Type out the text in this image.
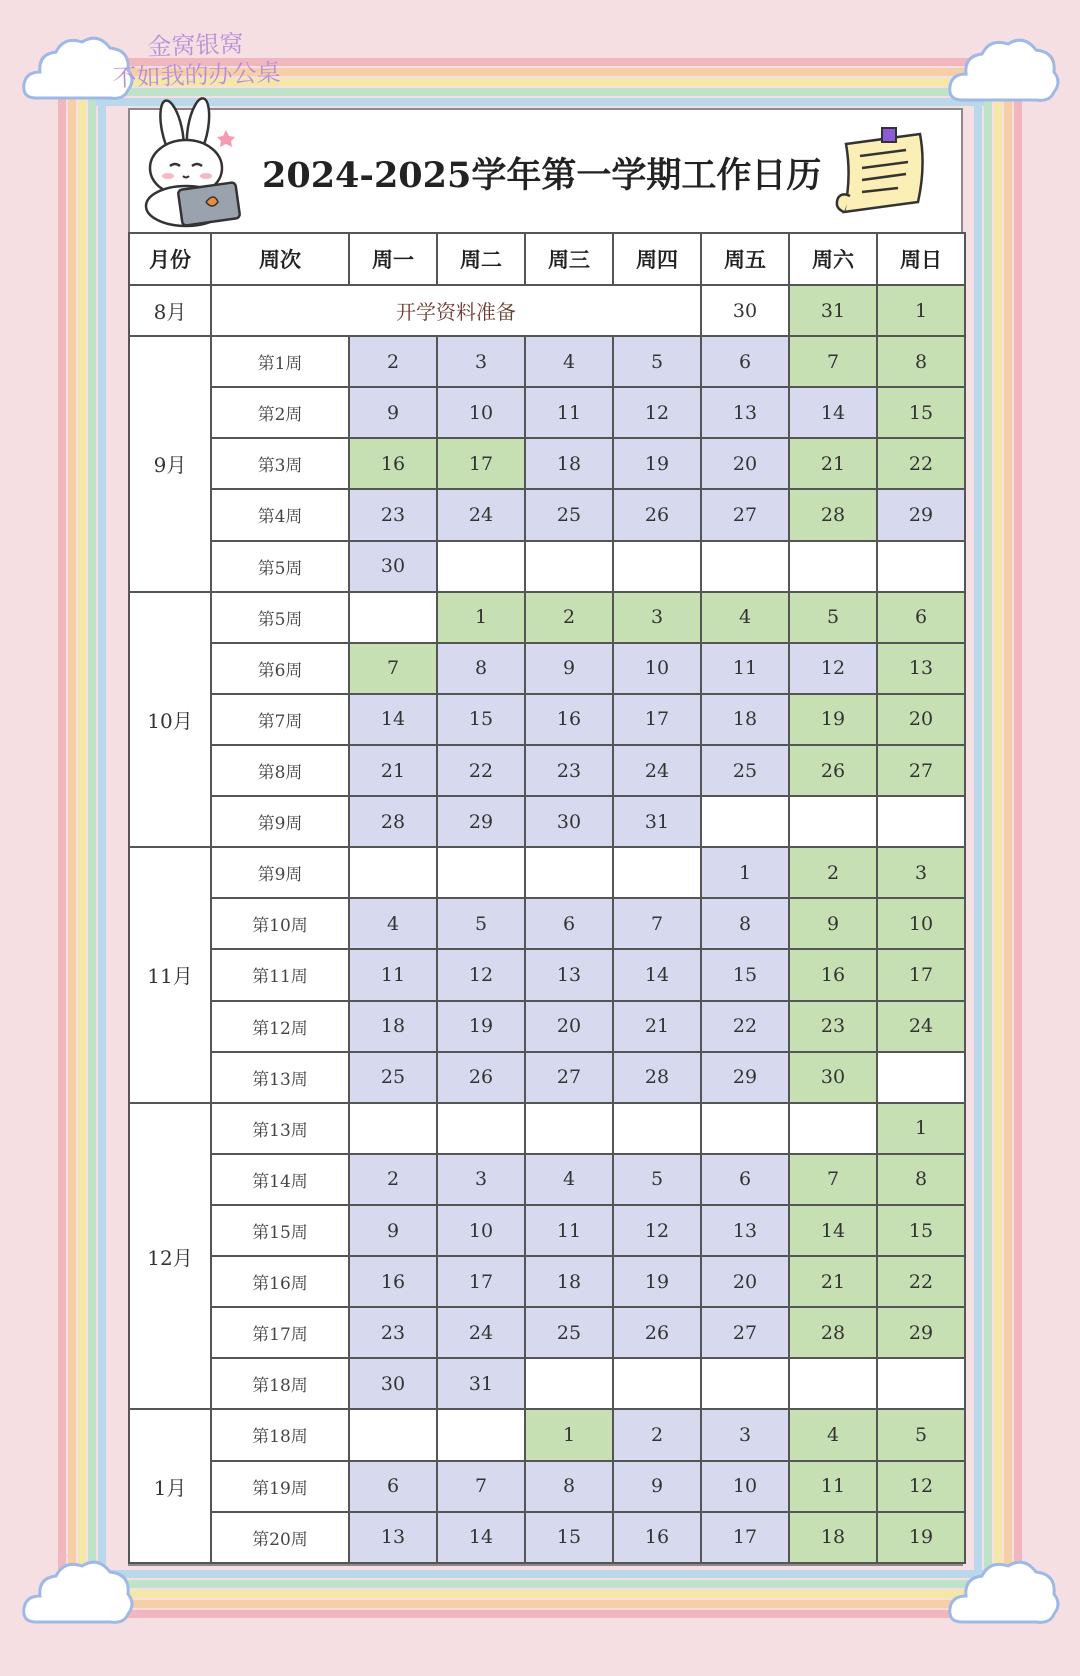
金窝银窝
不如我的办公桌
2024-2025学年第一学期工作日历
月份	周次	周一	周二	周三	周四	周五	周六	周日
8月	开学资料准备					30	31	1
9月	第1周	2	3	4	5	6	7	8
	第2周	9	10	11	12	13	14	15
	第3周	16	17	18	19	20	21	22
	第4周	23	24	25	26	27	28	29
	第5周	30						
10月	第5周		1	2	3	4	5	6
	第6周	7	8	9	10	11	12	13
	第7周	14	15	16	17	18	19	20
	第8周	21	22	23	24	25	26	27
	第9周	28	29	30	31			
11月	第9周					1	2	3
	第10周	4	5	6	7	8	9	10
	第11周	11	12	13	14	15	16	17
	第12周	18	19	20	21	22	23	24
	第13周	25	26	27	28	29	30	
12月	第13周							1
	第14周	2	3	4	5	6	7	8
	第15周	9	10	11	12	13	14	15
	第16周	16	17	18	19	20	21	22
	第17周	23	24	25	26	27	28	29
	第18周	30	31					
1月	第18周			1	2	3	4	5
	第19周	6	7	8	9	10	11	12
	第20周	13	14	15	16	17	18	19
